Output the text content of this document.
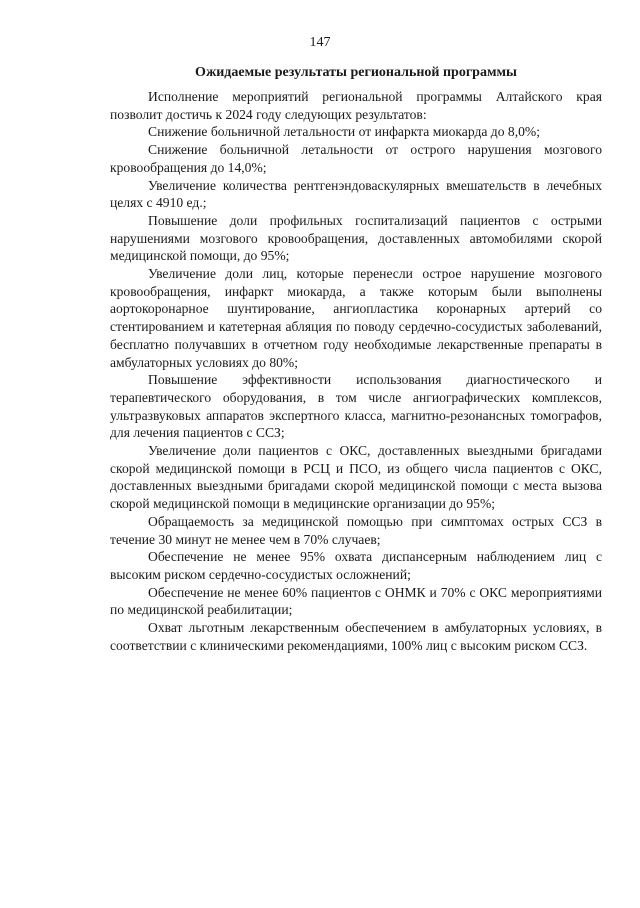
147
Ожидаемые результаты региональной программы

Исполнение мероприятий региональной программы Алтайского края позволит достичь к 2024 году следующих результатов:

Снижение больничной летальности от инфаркта миокарда до 8,0%;

Снижение больничной летальности от острого нарушения мозгового кровообращения до 14,0%;

Увеличение количества рентгенэндоваскулярных вмешательств в лечебных целях с 4910 ед.;

Повышение доли профильных госпитализаций пациентов с острыми нарушениями мозгового кровообращения, доставленных автомобилями скорой медицинской помощи, до 95%;

Увеличение доли лиц, которые перенесли острое нарушение мозгового кровообращения, инфаркт миокарда, а также которым были выполнены аортокоронарное шунтирование, ангиопластика коронарных артерий со стентированием и катетерная абляция по поводу сердечно-сосудистых заболеваний, бесплатно получавших в отчетном году необходимые лекарственные препараты в амбулаторных условиях до 80%;

Повышение эффективности использования диагностического и терапевтического оборудования, в том числе ангиографических комплексов, ультразвуковых аппаратов экспертного класса, магнитно-резонансных томографов, для лечения пациентов с ССЗ;

Увеличение доли пациентов с ОКС, доставленных выездными бригадами скорой медицинской помощи в РСЦ и ПСО, из общего числа пациентов с ОКС, доставленных выездными бригадами скорой медицинской помощи с места вызова скорой медицинской помощи в медицинские организации до 95%;

Обращаемость за медицинской помощью при симптомах острых ССЗ в течение 30 минут не менее чем в 70% случаев;

Обеспечение не менее 95% охвата диспансерным наблюдением лиц с высоким риском сердечно-сосудистых осложнений;

Обеспечение не менее 60% пациентов с ОНМК и 70% с ОКС мероприятиями по медицинской реабилитации;

Охват льготным лекарственным обеспечением в амбулаторных условиях, в соответствии с клиническими рекомендациями, 100% лиц с высоким риском ССЗ.
